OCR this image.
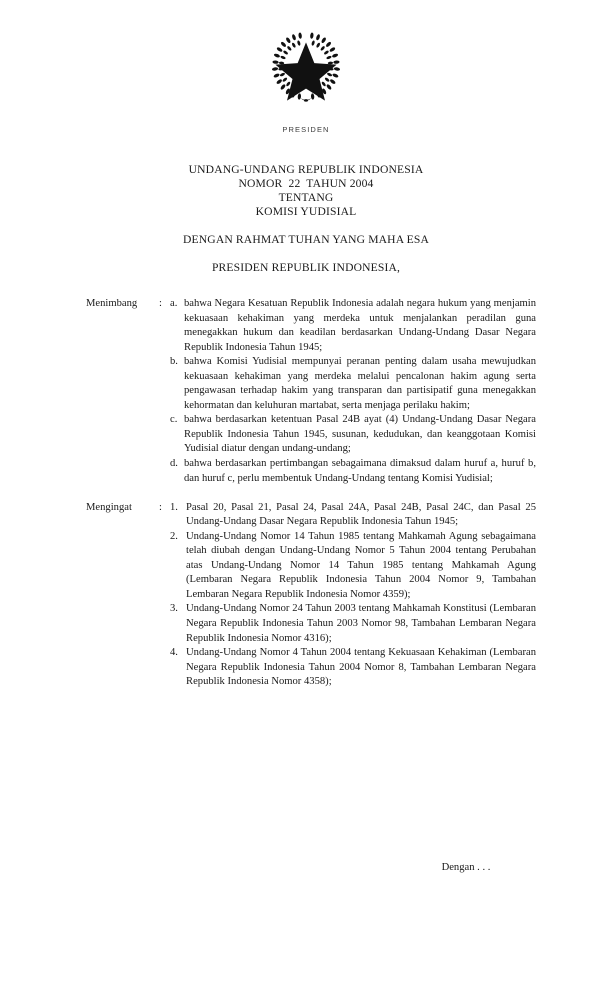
PRESIDEN
UNDANG-UNDANG REPUBLIK INDONESIA
NOMOR  22  TAHUN 2004
TENTANG
KOMISI YUDISIAL
DENGAN RAHMAT TUHAN YANG MAHA ESA
PRESIDEN REPUBLIK INDONESIA,
Menimbang	: a. bahwa Negara Kesatuan Republik Indonesia adalah negara hukum yang menjamin kekuasaan kehakiman yang merdeka untuk menjalankan peradilan guna menegakkan hukum dan keadilan berdasarkan Undang-Undang Dasar Negara Republik Indonesia Tahun 1945;
b. bahwa Komisi Yudisial mempunyai peranan penting dalam usaha mewujudkan kekuasaan kehakiman yang merdeka melalui pencalonan hakim agung serta pengawasan terhadap hakim yang transparan dan partisipatif guna menegakkan kehormatan dan keluhuran martabat, serta menjaga perilaku hakim;
c. bahwa berdasarkan ketentuan Pasal 24B ayat (4) Undang-Undang Dasar Negara Republik Indonesia Tahun 1945, susunan, kedudukan, dan keanggotaan Komisi Yudisial diatur dengan undang-undang;
d. bahwa berdasarkan pertimbangan sebagaimana dimaksud dalam huruf a, huruf b, dan huruf c, perlu membentuk Undang-Undang tentang Komisi Yudisial;
Mengingat	: 1. Pasal 20, Pasal 21, Pasal 24, Pasal 24A, Pasal 24B, Pasal 24C, dan Pasal 25 Undang-Undang Dasar Negara Republik Indonesia Tahun 1945;
2. Undang-Undang Nomor 14 Tahun 1985 tentang Mahkamah Agung sebagaimana telah diubah dengan Undang-Undang Nomor 5 Tahun 2004 tentang Perubahan atas Undang-Undang Nomor 14 Tahun 1985 tentang Mahkamah Agung (Lembaran Negara Republik Indonesia Tahun 2004 Nomor 9, Tambahan Lembaran Negara Republik Indonesia Nomor 4359);
3. Undang-Undang Nomor 24 Tahun 2003 tentang Mahkamah Konstitusi (Lembaran Negara Republik Indonesia Tahun 2003 Nomor 98, Tambahan Lembaran Negara Republik Indonesia Nomor 4316);
4. Undang-Undang Nomor 4 Tahun 2004 tentang Kekuasaan Kehakiman (Lembaran Negara Republik Indonesia Tahun 2004 Nomor 8, Tambahan Lembaran Negara Republik Indonesia Nomor 4358);
Dengan . . .
